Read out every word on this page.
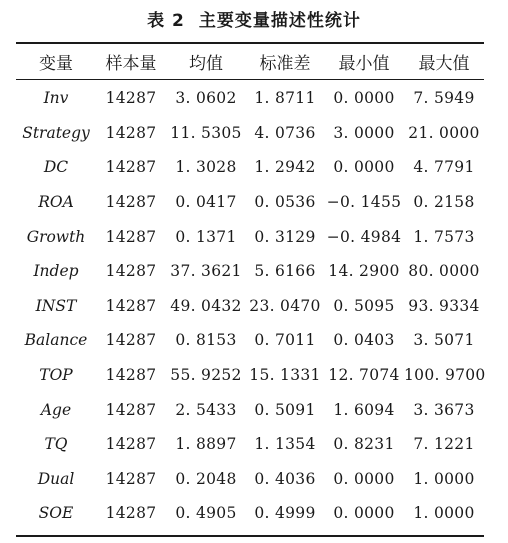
表 2 主要变量描述性统计
变量	样本量	均值	标准差	最小值	最大值
Inv	14287	3. 0602	1. 8711	0. 0000	7. 5949
Strategy	14287	11. 5305	4. 0736	3. 0000	21. 0000
DC	14287	1. 3028	1. 2942	0. 0000	4. 7791
ROA	14287	0. 0417	0. 0536	−0. 1455	0. 2158
Growth	14287	0. 1371	0. 3129	−0. 4984	1. 7573
Indep	14287	37. 3621	5. 6166	14. 2900	80. 0000
INST	14287	49. 0432	23. 0470	0. 5095	93. 9334
Balance	14287	0. 8153	0. 7011	0. 0403	3. 5071
TOP	14287	55. 9252	15. 1331	12. 7074	100. 9700
Age	14287	2. 5433	0. 5091	1. 6094	3. 3673
TQ	14287	1. 8897	1. 1354	0. 8231	7. 1221
Dual	14287	0. 2048	0. 4036	0. 0000	1. 0000
SOE	14287	0. 4905	0. 4999	0. 0000	1. 0000
